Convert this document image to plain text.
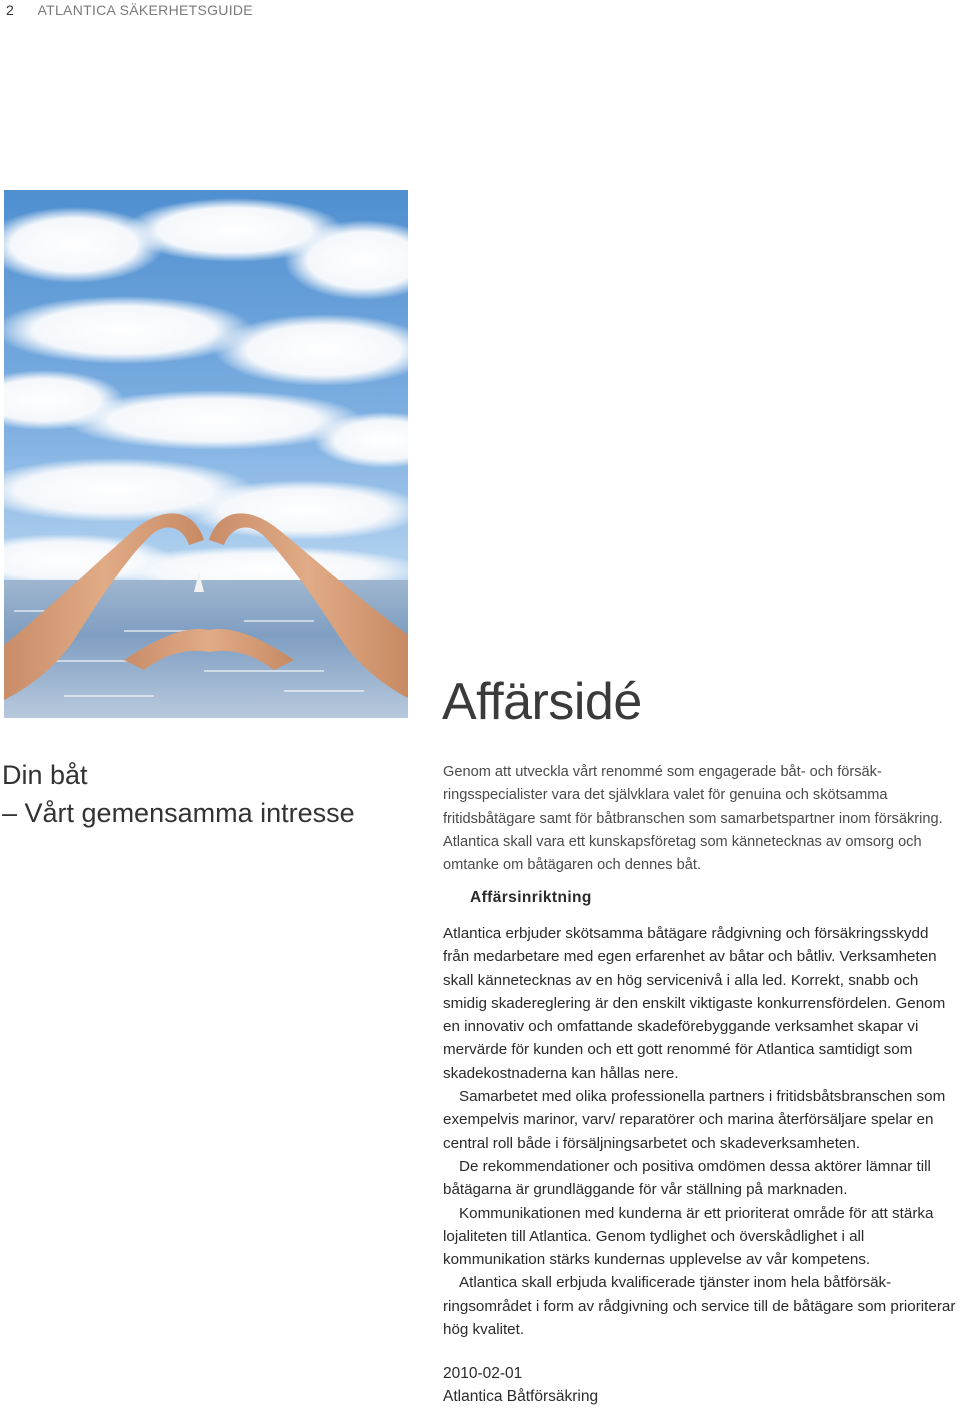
2 ATLANTICA SÄKERHETSGUIDE
Affärsidé
Din båt
– Vårt gemensamma intresse

Genom att utveckla vårt renommé som engagerade båt- och försäkringsspecialister vara det självklara valet för genuina och skötsamma fritidsbåtägare samt för båtbranschen som samarbetspartner inom försäkring. Atlantica skall vara ett kunskapsföretag som kännetecknas av omsorg och omtanke om båtägaren och dennes båt.

Affärsinriktning

Atlantica erbjuder skötsamma båtägare rådgivning och försäkringsskydd från medarbetare med egen erfarenhet av båtar och båtliv. Verksamheten skall kännetecknas av en hög servicenivå i alla led. Korrekt, snabb och smidig skadereglering är den enskilt viktigaste konkurrensfördelen. Genom en innovativ och omfattande skadeförebyggande verksamhet skapar vi mervärde för kunden och ett gott renommé för Atlantica samtidigt som skadekostnaderna kan hållas nere.

Samarbetet med olika professionella partners i fritidsbåtsbranschen som exempelvis marinor, varv/ reparatörer och marina återförsäljare spelar en central roll både i försäljningsarbetet och skadeverksamheten.

De rekommendationer och positiva omdömen dessa aktörer lämnar till båtägarna är grundläggande för vår ställning på marknaden.

Kommunikationen med kunderna är ett prioriterat område för att stärka lojaliteten till Atlantica. Genom tydlighet och överskådlighet i all kommunikation stärks kundernas upplevelse av vår kompetens.

Atlantica skall erbjuda kvalificerade tjänster inom hela båtförsäkringsområdet i form av rådgivning och service till de båtägare som prioriterar hög kvalitet.

2010-02-01
Atlantica Båtförsäkring
